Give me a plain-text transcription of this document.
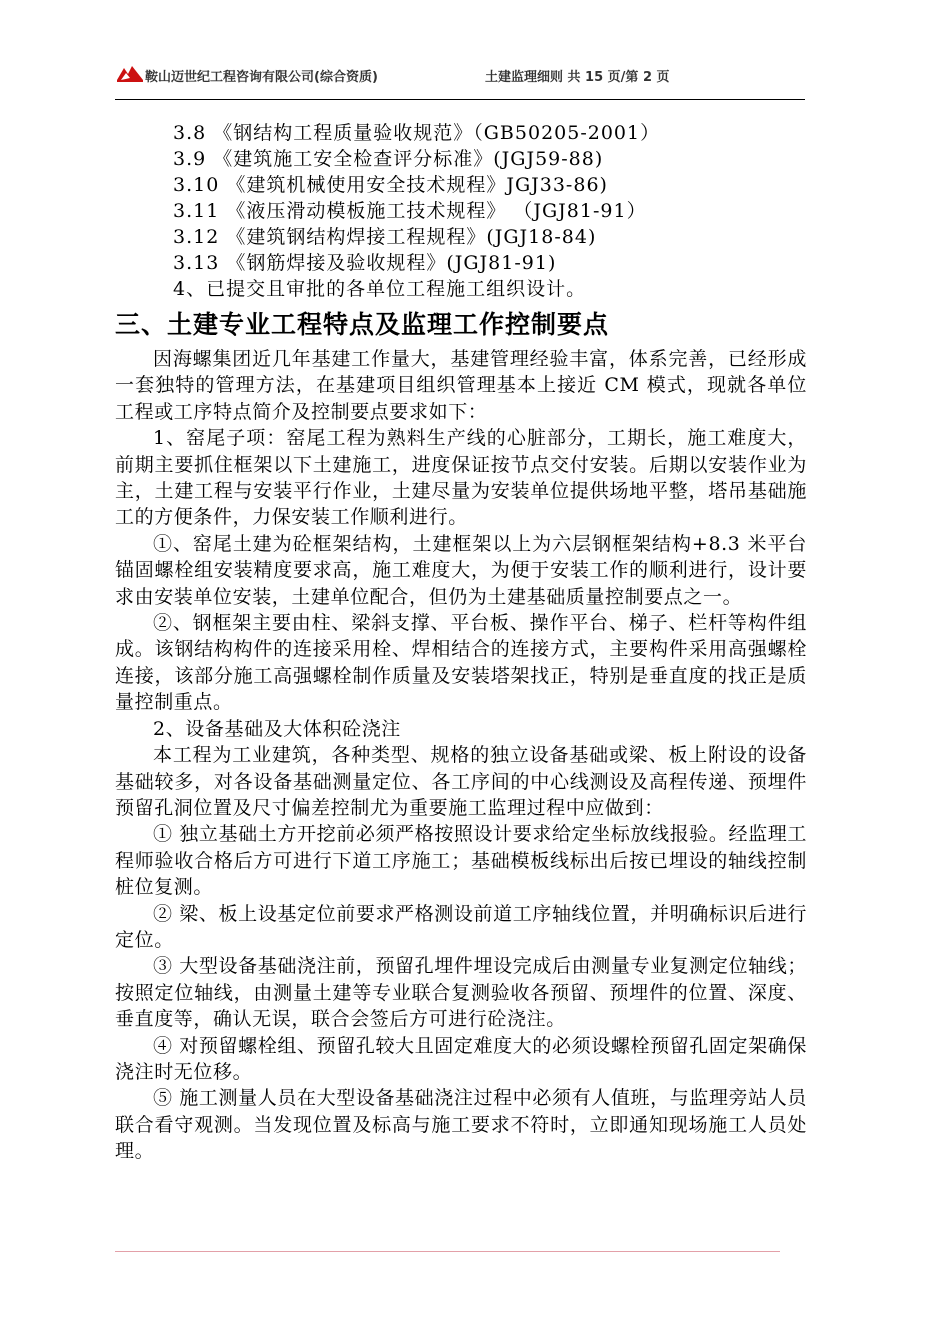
鞍山迈世纪工程咨询有限公司(综合资质)	土建监理细则 共 15 页/第 2 页

3.8 《钢结构工程质量验收规范》（GB50205-2001）

3.9 《建筑施工安全检查评分标准》(JGJ59-88)

3.10 《建筑机械使用安全技术规程》JGJ33-86)

3.11 《液压滑动模板施工技术规程》 （JGJ81-91）

3.12 《建筑钢结构焊接工程规程》(JGJ18-84)

3.13 《钢筋焊接及验收规程》(JGJ81-91)

4、已提交且审批的各单位工程施工组织设计。

三、土建专业工程特点及监理工作控制要点

因海螺集团近几年基建工作量大，基建管理经验丰富，体系完善，已经形成一套独特的管理方法，在基建项目组织管理基本上接近 CM 模式，现就各单位工程或工序特点简介及控制要点要求如下：

1、窑尾子项：窑尾工程为熟料生产线的心脏部分，工期长，施工难度大，前期主要抓住框架以下土建施工，进度保证按节点交付安装。后期以安装作业为主，土建工程与安装平行作业，土建尽量为安装单位提供场地平整，塔吊基础施工的方便条件，力保安装工作顺利进行。

①、窑尾土建为砼框架结构，土建框架以上为六层钢框架结构+8.3 米平台锚固螺栓组安装精度要求高，施工难度大，为便于安装工作的顺利进行，设计要求由安装单位安装，土建单位配合，但仍为土建基础质量控制要点之一。

②、钢框架主要由柱、梁斜支撑、平台板、操作平台、梯子、栏杆等构件组成。该钢结构构件的连接采用栓、焊相结合的连接方式，主要构件采用高强螺栓连接，该部分施工高强螺栓制作质量及安装塔架找正，特别是垂直度的找正是质量控制重点。

2、设备基础及大体积砼浇注

本工程为工业建筑，各种类型、规格的独立设备基础或梁、板上附设的设备基础较多，对各设备基础测量定位、各工序间的中心线测设及高程传递、预埋件预留孔洞位置及尺寸偏差控制尤为重要施工监理过程中应做到：

① 独立基础土方开挖前必须严格按照设计要求给定坐标放线报验。经监理工程师验收合格后方可进行下道工序施工；基础模板线标出后按已埋设的轴线控制桩位复测。

② 梁、板上设基定位前要求严格测设前道工序轴线位置，并明确标识后进行定位。

③ 大型设备基础浇注前，预留孔埋件埋设完成后由测量专业复测定位轴线；按照定位轴线，由测量土建等专业联合复测验收各预留、预埋件的位置、深度、垂直度等，确认无误，联合会签后方可进行砼浇注。

④ 对预留螺栓组、预留孔较大且固定难度大的必须设螺栓预留孔固定架确保浇注时无位移。

⑤ 施工测量人员在大型设备基础浇注过程中必须有人值班，与监理旁站人员联合看守观测。当发现位置及标高与施工要求不符时，立即通知现场施工人员处理。
